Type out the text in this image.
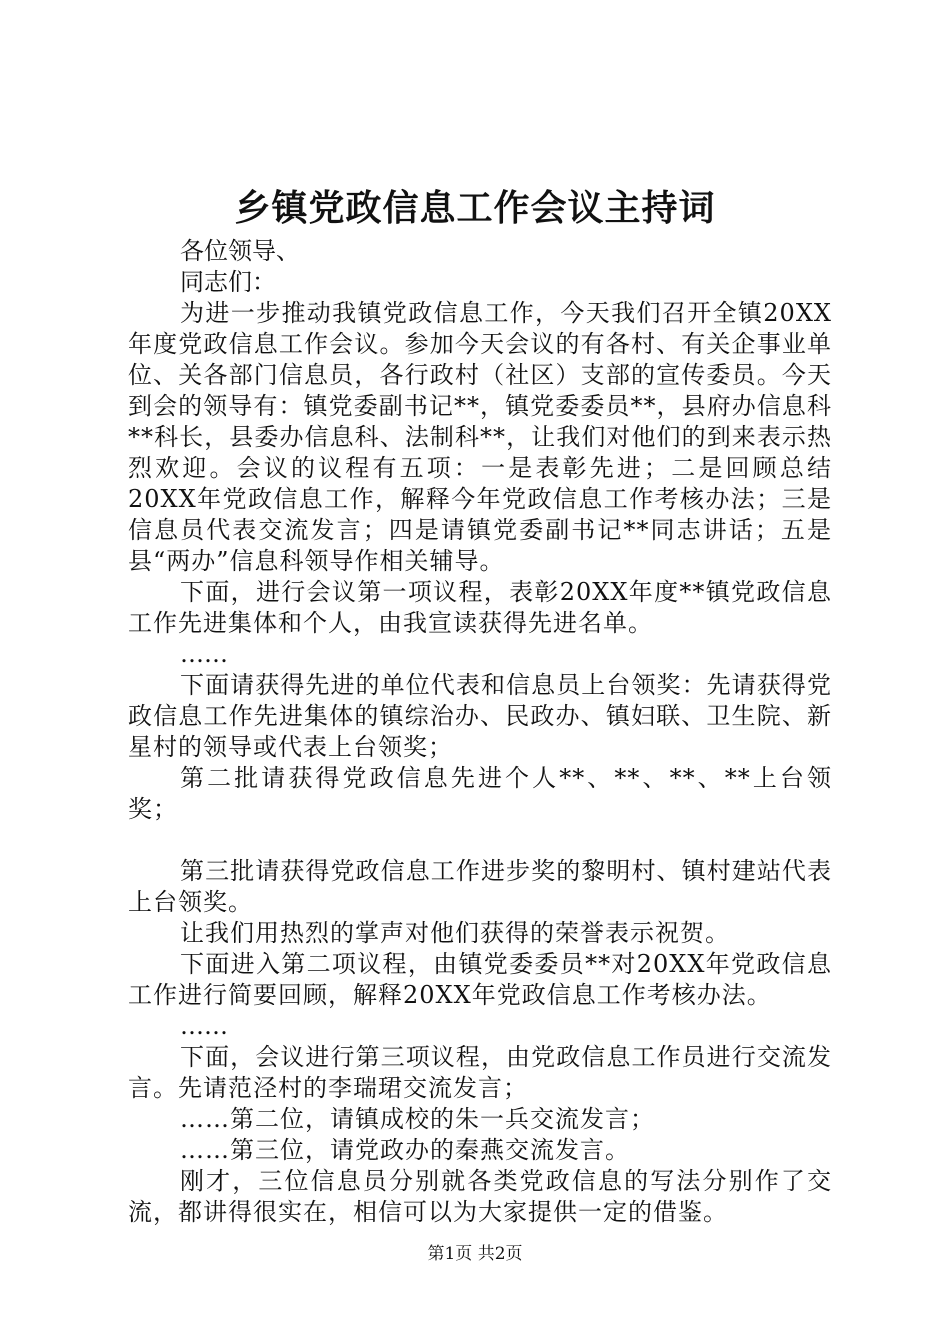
乡镇党政信息工作会议主持词

各位领导、

同志们：

为进一步推动我镇党政信息工作，今天我们召开全镇20XX年度党政信息工作会议。参加今天会议的有各村、有关企事业单位、关各部门信息员，各行政村（社区）支部的宣传委员。今天到会的领导有：镇党委副书记**，镇党委委员**，县府办信息科**科长，县委办信息科、法制科**，让我们对他们的到来表示热烈欢迎。会议的议程有五项：一是表彰先进；二是回顾总结20XX年党政信息工作，解释今年党政信息工作考核办法；三是信息员代表交流发言；四是请镇党委副书记**同志讲话；五是县“两办”信息科领导作相关辅导。

下面，进行会议第一项议程，表彰20XX年度**镇党政信息工作先进集体和个人，由我宣读获得先进名单。

……

下面请获得先进的单位代表和信息员上台领奖：先请获得党政信息工作先进集体的镇综治办、民政办、镇妇联、卫生院、新星村的领导或代表上台领奖；

第二批请获得党政信息先进个人**、**、**、**上台领奖；

第三批请获得党政信息工作进步奖的黎明村、镇村建站代表上台领奖。

让我们用热烈的掌声对他们获得的荣誉表示祝贺。

下面进入第二项议程，由镇党委委员**对20XX年党政信息工作进行简要回顾，解释20XX年党政信息工作考核办法。

……

下面，会议进行第三项议程，由党政信息工作员进行交流发言。先请范泾村的李瑞珺交流发言；

……第二位，请镇成校的朱一兵交流发言；

……第三位，请党政办的秦燕交流发言。

刚才，三位信息员分别就各类党政信息的写法分别作了交流，都讲得很实在，相信可以为大家提供一定的借鉴。

第1页 共2页
